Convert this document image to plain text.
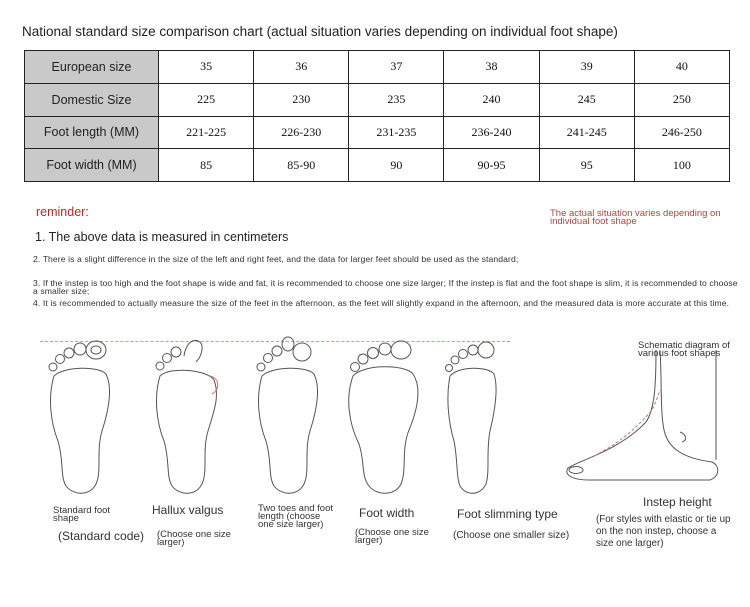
National standard size comparison chart (actual situation varies depending on individual foot shape)
European size	35	36	37	38	39	40
Domestic Size	225	230	235	240	245	250
Foot length (MM)	221-225	226-230	231-235	236-240	241-245	246-250
Foot width (MM)	85	85-90	90	90-95	95	100
reminder:	The actual situation varies depending on individual foot shape
1. The above data is measured in centimeters
2. There is a slight difference in the size of the left and right feet, and the data for larger feet should be used as the standard;
3. If the instep is too high and the foot shape is wide and fat, it is recommended to choose one size larger; If the instep is flat and the foot shape is slim, it is recommended to choose a smaller size;
4. It is recommended to actually measure the size of the feet in the afternoon, as the feet will slightly expand in the afternoon, and the measured data is more accurate at this time.
Standard foot shape
(Standard code)
Hallux valgus
(Choose one size larger)
Two toes and foot length (choose one size larger)
Foot width
(Choose one size larger)
Foot slimming type
(Choose one smaller size)
Schematic diagram of various foot shapes
Instep height
(For styles with elastic or tie up on the non instep, choose a size one larger)
